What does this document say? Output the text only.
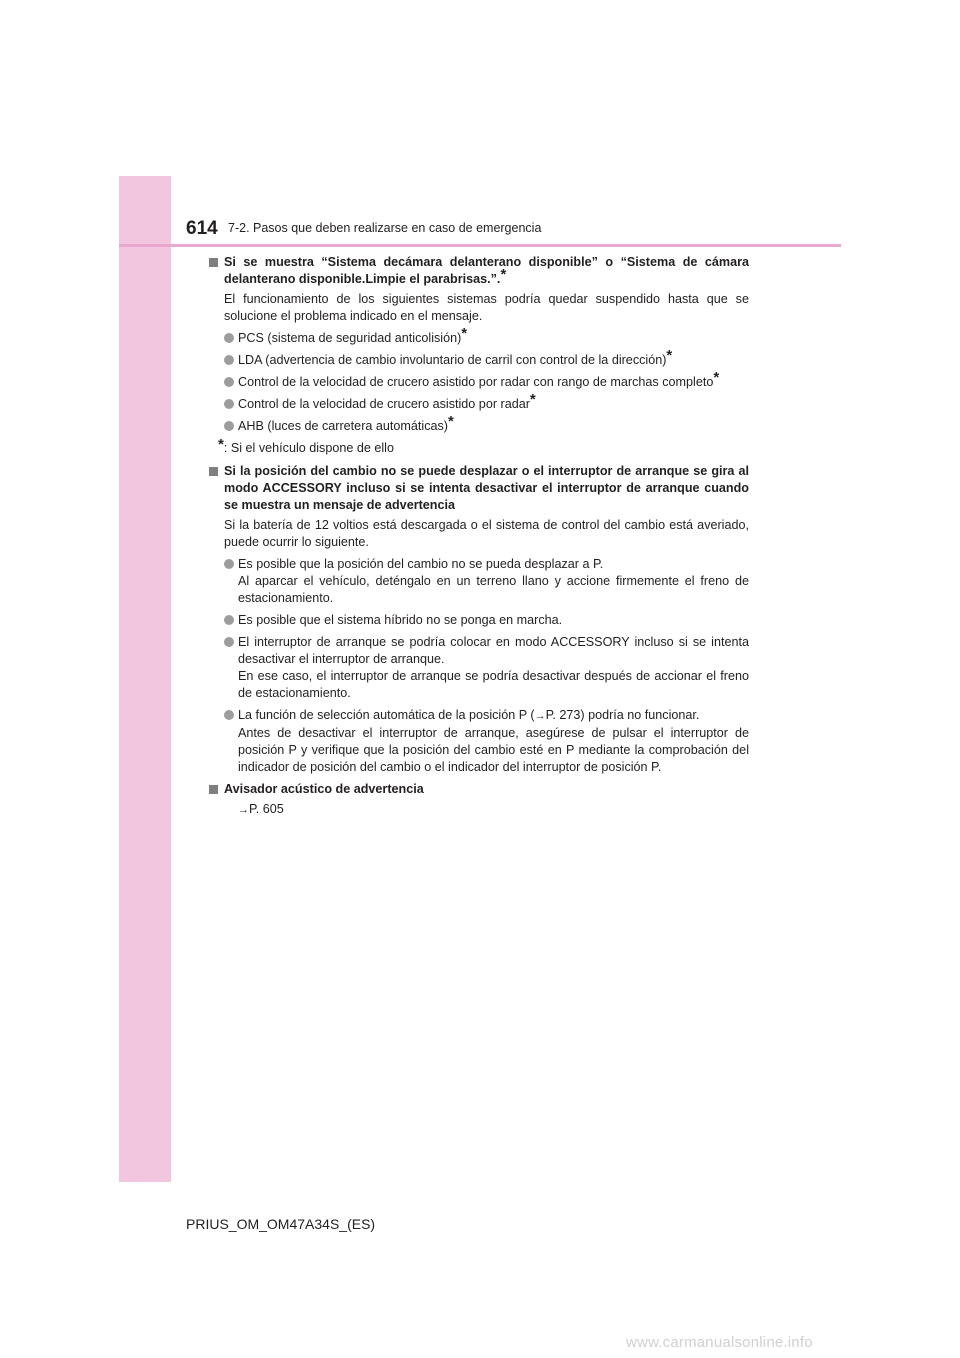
614 7-2. Pasos que deben realizarse en caso de emergencia
Si se muestra “Sistema decámara delanterano disponible” o “Sistema de cámara delanterano disponible.Limpie el parabrisas.”.*
El funcionamiento de los siguientes sistemas podría quedar suspendido hasta que se solucione el problema indicado en el mensaje.
PCS (sistema de seguridad anticolisión)*
LDA (advertencia de cambio involuntario de carril con control de la dirección)*
Control de la velocidad de crucero asistido por radar con rango de marchas completo*
Control de la velocidad de crucero asistido por radar*
AHB (luces de carretera automáticas)*
*: Si el vehículo dispone de ello
Si la posición del cambio no se puede desplazar o el interruptor de arranque se gira al modo ACCESSORY incluso si se intenta desactivar el interruptor de arranque cuando se muestra un mensaje de advertencia
Si la batería de 12 voltios está descargada o el sistema de control del cambio está averiado, puede ocurrir lo siguiente.
Es posible que la posición del cambio no se pueda desplazar a P.
Al aparcar el vehículo, deténgalo en un terreno llano y accione firmemente el freno de estacionamiento.
Es posible que el sistema híbrido no se ponga en marcha.
El interruptor de arranque se podría colocar en modo ACCESSORY incluso si se intenta desactivar el interruptor de arranque.
En ese caso, el interruptor de arranque se podría desactivar después de accionar el freno de estacionamiento.
La función de selección automática de la posición P (→P. 273) podría no funcionar.
Antes de desactivar el interruptor de arranque, asegúrese de pulsar el interruptor de posición P y verifique que la posición del cambio esté en P mediante la comprobación del indicador de posición del cambio o el indicador del interruptor de posición P.
Avisador acústico de advertencia
→P. 605
PRIUS_OM_OM47A34S_(ES)
www.carmanualsonline.info
